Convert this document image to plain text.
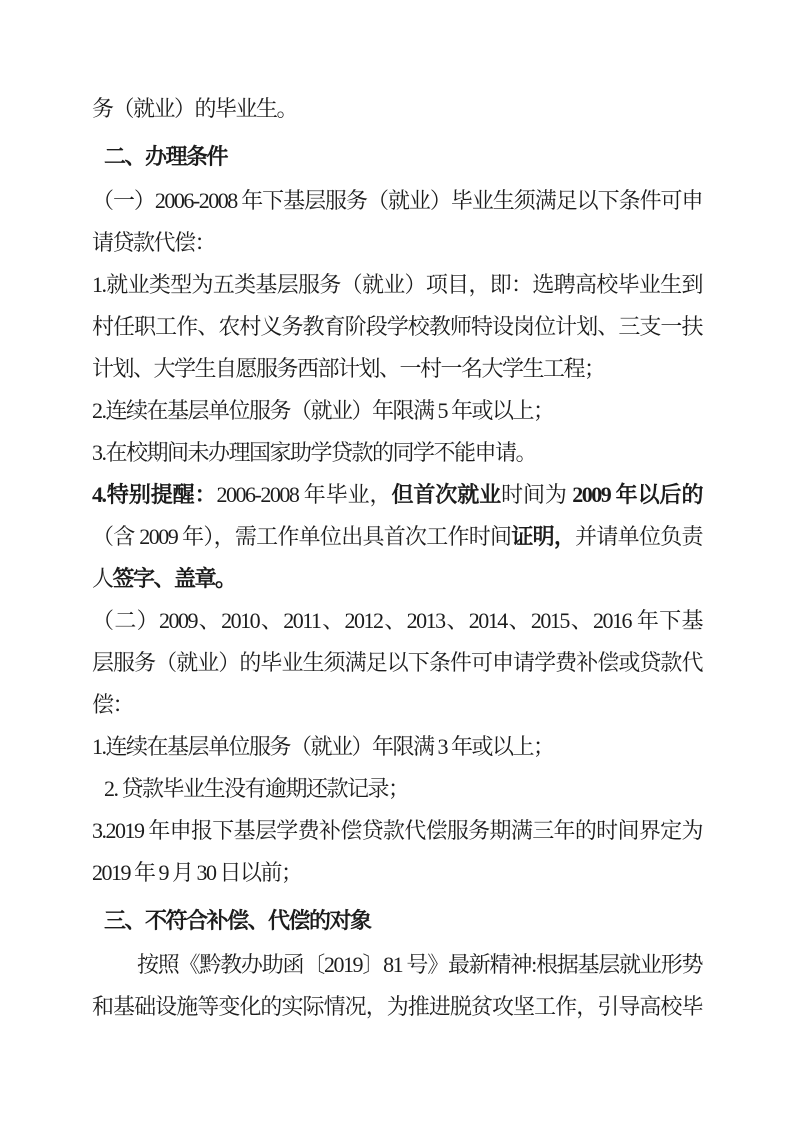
务（就业）的毕业生。
二、办理条件
（一）2006-2008 年下基层服务（就业）毕业生须满足以下条件可申
请贷款代偿：
1.就业类型为五类基层服务（就业）项目，即：选聘高校毕业生到
村任职工作、农村义务教育阶段学校教师特设岗位计划、三支一扶
计划、大学生自愿服务西部计划、一村一名大学生工程；
2.连续在基层单位服务（就业）年限满 5 年或以上；
3.在校期间未办理国家助学贷款的同学不能申请。
4.特别提醒：2006-2008 年毕业，但首次就业时间为 2009 年以后的
（含 2009 年），需工作单位出具首次工作时间证明，并请单位负责
人签字、盖章。
（二）2009、2010、2011、2012、2013、2014、2015、2016 年下基
层服务（就业）的毕业生须满足以下条件可申请学费补偿或贷款代
偿：
1.连续在基层单位服务（就业）年限满 3 年或以上；
2. 贷款毕业生没有逾期还款记录；
3.2019 年申报下基层学费补偿贷款代偿服务期满三年的时间界定为
2019 年 9 月 30 日以前；
三、不符合补偿、代偿的对象
按照《黔教办助函〔2019〕81 号》最新精神:根据基层就业形势
和基础设施等变化的实际情况，为推进脱贫攻坚工作，引导高校毕
